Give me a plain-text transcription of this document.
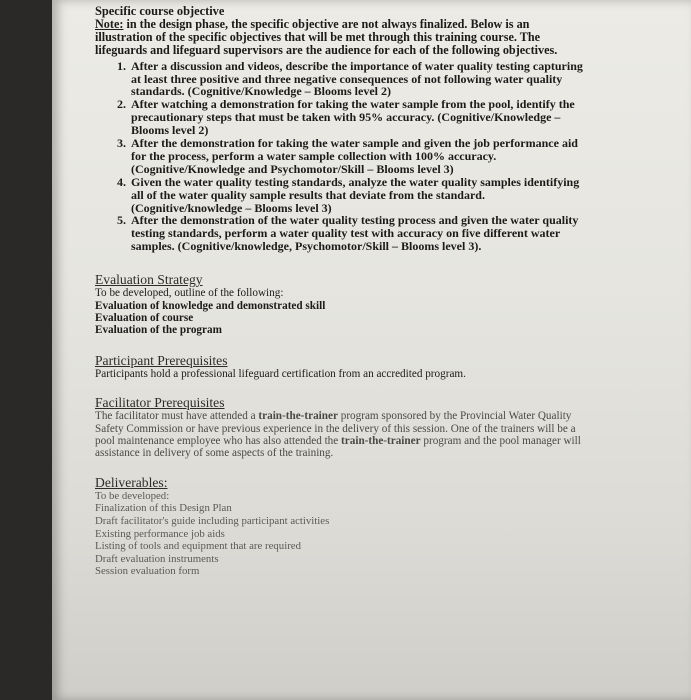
Specific course objective
Note: in the design phase, the specific objective are not always finalized. Below is an illustration of the specific objectives that will be met through this training course. The lifeguards and lifeguard supervisors are the audience for each of the following objectives.
1. After a discussion and videos, describe the importance of water quality testing capturing at least three positive and three negative consequences of not following water quality standards. (Cognitive/Knowledge – Blooms level 2)
2. After watching a demonstration for taking the water sample from the pool, identify the precautionary steps that must be taken with 95% accuracy. (Cognitive/Knowledge – Blooms level 2)
3. After the demonstration for taking the water sample and given the job performance aid for the process, perform a water sample collection with 100% accuracy. (Cognitive/Knowledge and Psychomotor/Skill – Blooms level 3)
4. Given the water quality testing standards, analyze the water quality samples identifying all of the water quality sample results that deviate from the standard. (Cognitive/knowledge – Blooms level 3)
5. After the demonstration of the water quality testing process and given the water quality testing standards, perform a water quality test with accuracy on five different water samples. (Cognitive/knowledge, Psychomotor/Skill – Blooms level 3).
Evaluation Strategy
To be developed, outline of the following:
Evaluation of knowledge and demonstrated skill
Evaluation of course
Evaluation of the program
Participant Prerequisites
Participants hold a professional lifeguard certification from an accredited program.
Facilitator Prerequisites
The facilitator must have attended a train-the-trainer program sponsored by the Provincial Water Quality Safety Commission or have previous experience in the delivery of this session. One of the trainers will be a pool maintenance employee who has also attended the train-the-trainer program and the pool manager will assistance in delivery of some aspects of the training.
Deliverables:
To be developed:
Finalization of this Design Plan
Draft facilitator's guide including participant activities
Existing performance job aids
Listing of tools and equipment that are required
Draft evaluation instruments
Session evaluation form
